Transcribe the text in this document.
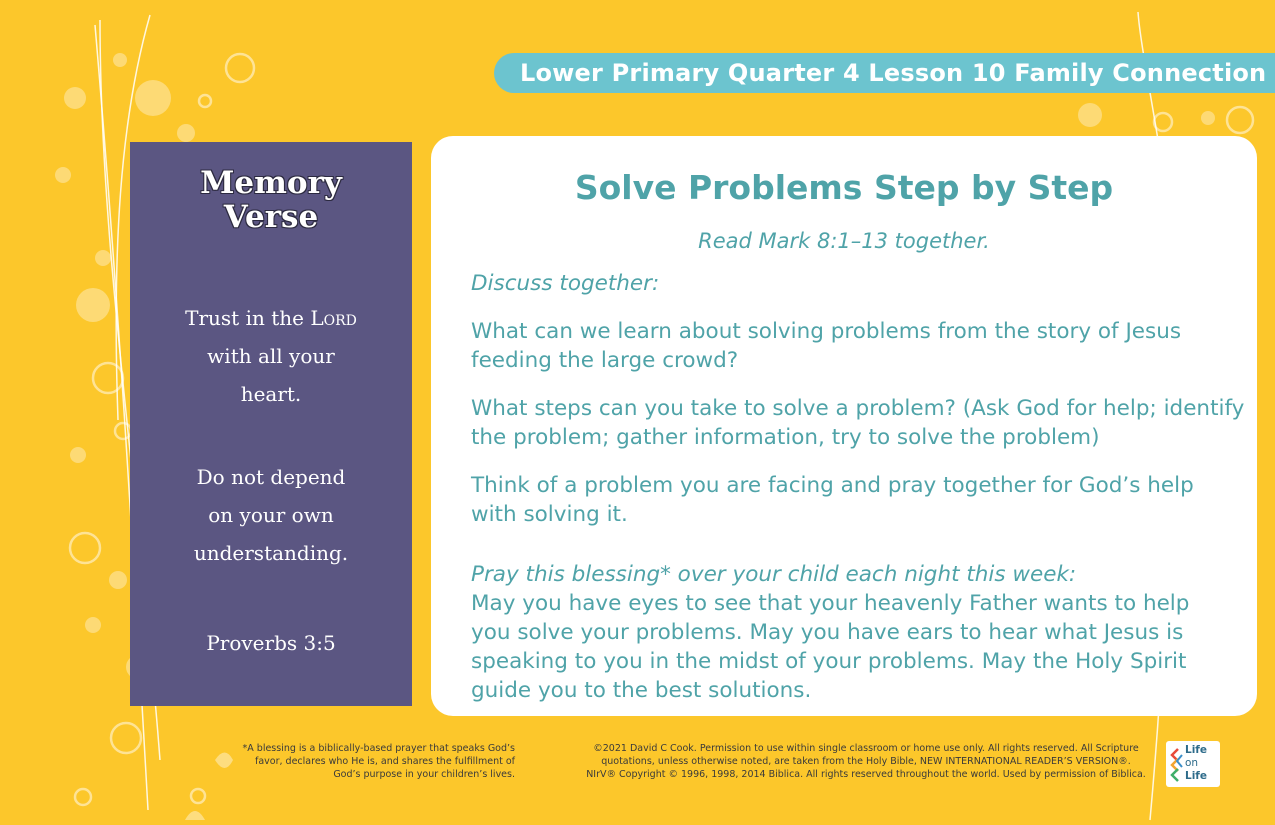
Lower Primary Quarter 4 Lesson 10 Family Connection
Memory
Verse
Trust in the Lord
with all your
heart.
Do not depend
on your own
understanding.
Proverbs 3:5
Solve Problems Step by Step
Read Mark 8:1–13 together.

Discuss together:

What can we learn about solving problems from the story of Jesus feeding the large crowd?

What steps can you take to solve a problem? (Ask God for help; identify the problem; gather information, try to solve the problem)

Think of a problem you are facing and pray together for God’s help with solving it.

Pray this blessing* over your child each night this week:

May you have eyes to see that your heavenly Father wants to help you solve your problems. May you have ears to hear what Jesus is speaking to you in the midst of your problems. May the Holy Spirit guide you to the best solutions.

*A blessing is a biblically-based prayer that speaks God’s favor, declares who He is, and shares the fulfillment of God’s purpose in your children’s lives.
©2021 David C Cook. Permission to use within single classroom or home use only. All rights reserved. All Scripture quotations, unless otherwise noted, are taken from the Holy Bible, NEW INTERNATIONAL READER’S VERSION®. NIrV® Copyright © 1996, 1998, 2014 Biblica. All rights reserved throughout the world. Used by permission of Biblica.
Life
on
Life
